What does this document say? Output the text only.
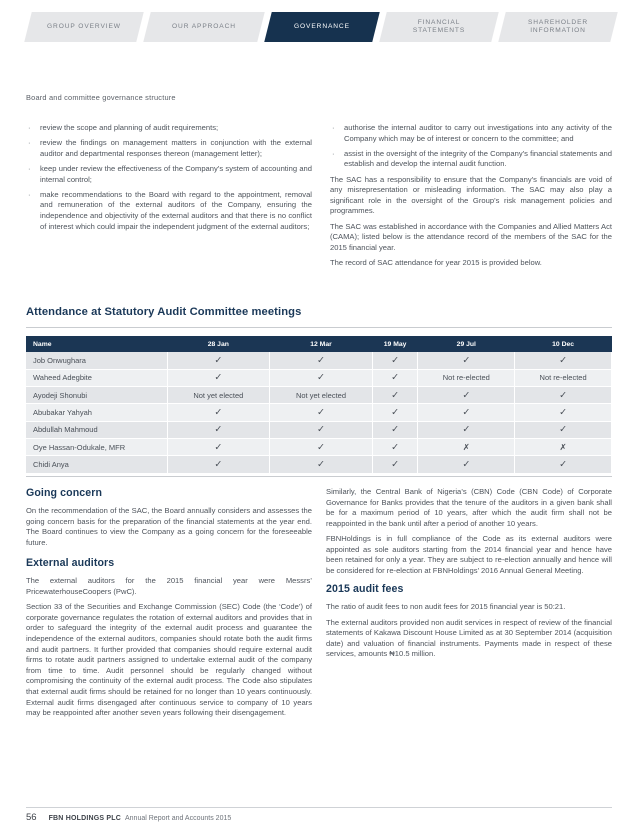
GROUP OVERVIEW	OUR APPROACH	GOVERNANCE
FINANCIAL STATEMENTS
SHAREHOLDER INFORMATION
Board and committee governance structure
· review the scope and planning of audit requirements;
· review the findings on management matters in conjunction with the external auditor and departmental responses thereon (management letter);
· keep under review the effectiveness of the Company’s system of accounting and internal control;
· make recommendations to the Board with regard to the appointment, removal and remuneration of the external auditors of the Company, ensuring the independence and objectivity of the external auditors and that there is no conflict of interest which could impair the independent judgment of the external auditors;
· authorise the internal auditor to carry out investigations into any activity of the Company which may be of interest or concern to the committee; and
· assist in the oversight of the integrity of the Company’s financial statements and establish and develop the internal audit function.

The SAC has a responsibility to ensure that the Company’s financials are void of any misrepresentation or misleading information. The SAC may also play a significant role in the oversight of the Group’s risk management policies and programmes.

The SAC was established in accordance with the Companies and Allied Matters Act (CAMA); listed below is the attendance record of the members of the SAC for the 2015 financial year.

The record of SAC attendance for year 2015 is provided below.

Attendance at Statutory Audit Committee meetings
Name	28 Jan	12 Mar	19 May	29 Jul	10 Dec
Job Onwughara	✓	✓	✓	✓	✓
Waheed Adegbite	✓	✓	✓	Not re-elected	Not re-elected
Ayodeji Shonubi	Not yet elected	Not yet elected	✓	✓	✓
Abubakar Yahyah	✓	✓	✓	✓	✓
Abdullah Mahmoud	✓	✓	✓	✓	✓
Oye Hassan-Odukale, MFR	✓	✓	✓	✗	✗
Chidi Anya	✓	✓	✓	✓	✓
Going concern

On the recommendation of the SAC, the Board annually considers and assesses the going concern basis for the preparation of the financial statements at the year end. The Board continues to view the Company as a going concern for the foreseeable future.

External auditors

The external auditors for the 2015 financial year were Messrs’ PricewaterhouseCoopers (PwC).

Section 33 of the Securities and Exchange Commission (SEC) Code (the ‘Code’) of corporate governance regulates the rotation of external auditors and provides that in order to safeguard the integrity of the external audit process and guarantee the independence of the external auditors, companies should rotate both the audit firms and audit partners. It further provided that companies should require external audit firms to rotate audit partners assigned to undertake external audit of the company from time to time. Audit personnel should be regularly changed without compromising the continuity of the external audit process. The Code also stipulates that external audit firms should be retained for no longer than 10 years continuously. External audit firms disengaged after continuous service to company of 10 years may be reappointed after another seven years following their disengagement.

Similarly, the Central Bank of Nigeria’s (CBN) Code (CBN Code) of Corporate Governance for Banks provides that the tenure of the auditors in a given bank shall be for a maximum period of 10 years, after which the audit firm shall not be reappointed in the bank until after a period of another 10 years.

FBNHoldings is in full compliance of the Code as its external auditors were appointed as sole auditors starting from the 2014 financial year and hence have been retained for only a year. They are subject to re-election annually and hence will be considered for re-election at FBNHoldings’ 2016 Annual General Meeting.

2015 audit fees

The ratio of audit fees to non audit fees for 2015 financial year is 50:21.

The external auditors provided non audit services in respect of review of the financial statements of Kakawa Discount House Limited as at 30 September 2014 (acquisition date) and valuation of financial instruments. Payments made in respect of these services, amounts ₦10.5 million.

56 FBN HOLDINGS PLC Annual Report and Accounts 2015
